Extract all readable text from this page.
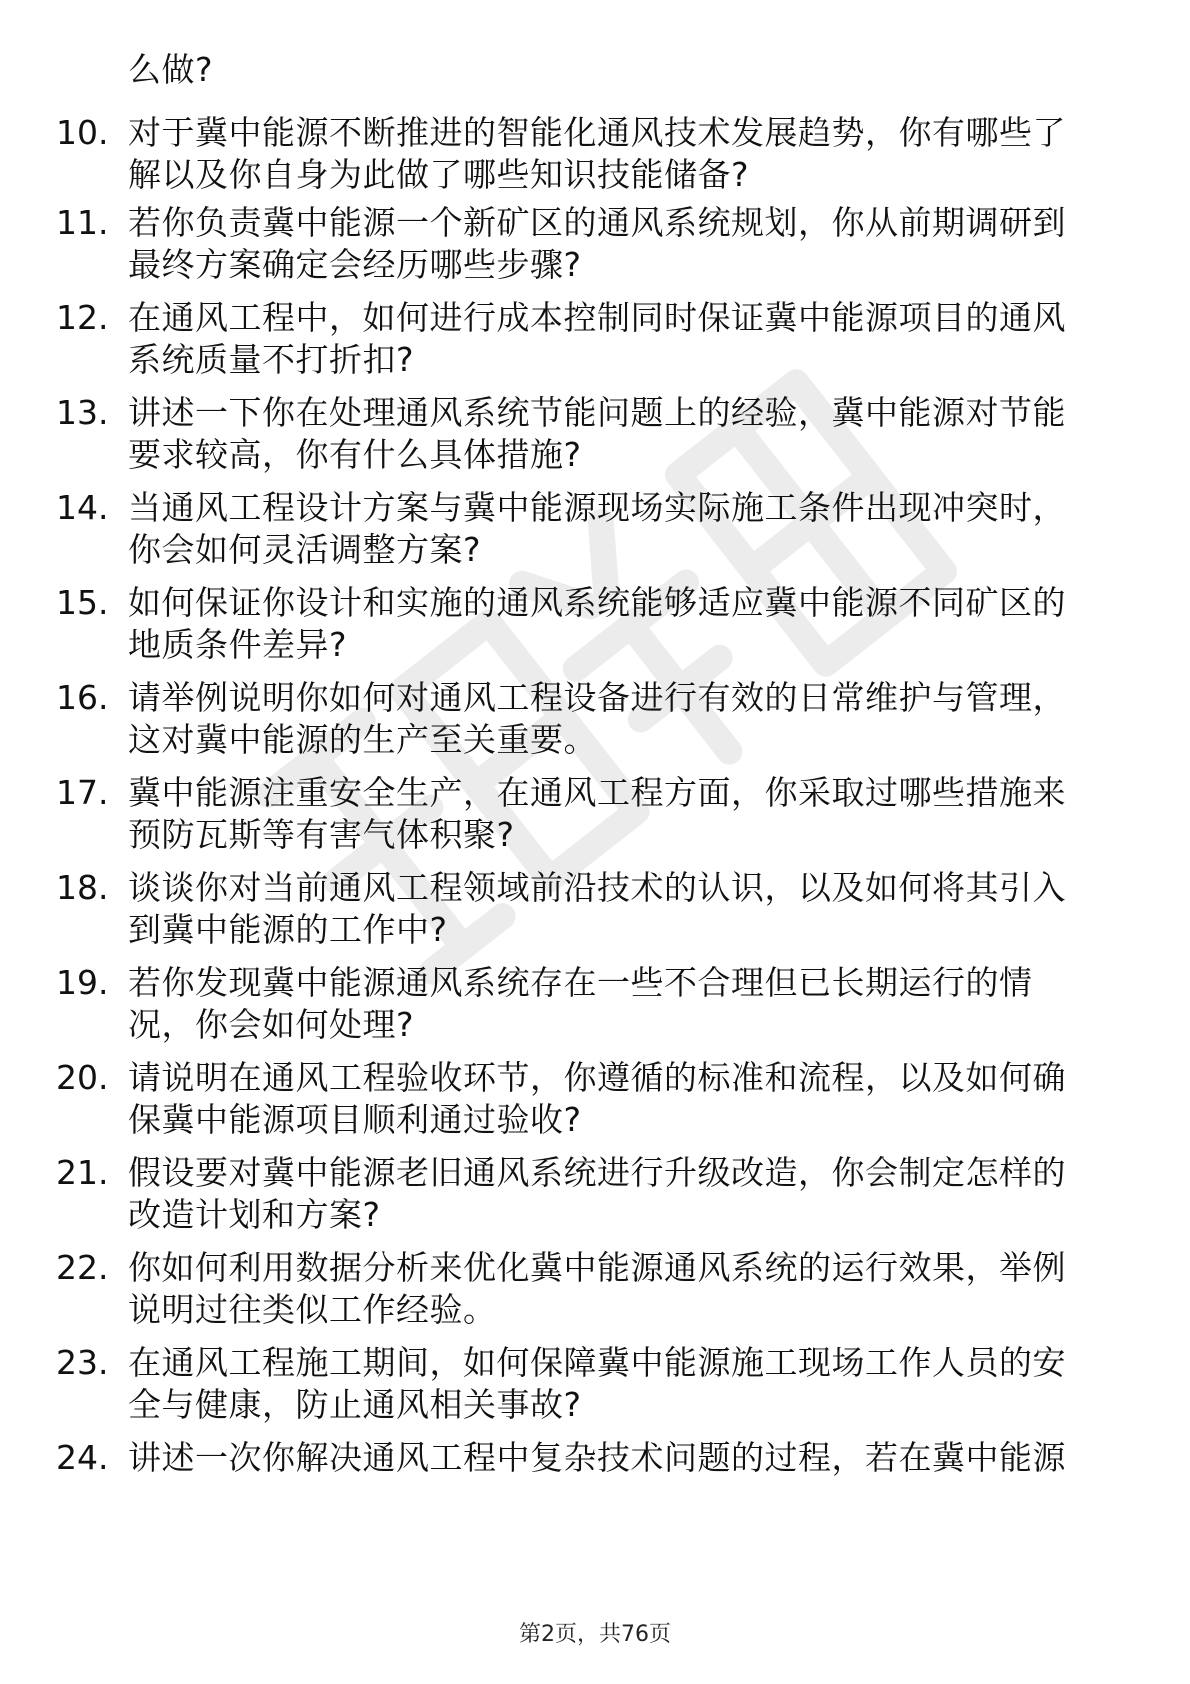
么做?
10. 对于冀中能源不断推进的智能化通风技术发展趋势，你有哪些了
解以及你自身为此做了哪些知识技能储备?
11. 若你负责冀中能源一个新矿区的通风系统规划，你从前期调研到
最终方案确定会经历哪些步骤?
12. 在通风工程中，如何进行成本控制同时保证冀中能源项目的通风
系统质量不打折扣?
13. 讲述一下你在处理通风系统节能问题上的经验，冀中能源对节能
要求较高，你有什么具体措施?
14. 当通风工程设计方案与冀中能源现场实际施工条件出现冲突时，
你会如何灵活调整方案?
15. 如何保证你设计和实施的通风系统能够适应冀中能源不同矿区的
地质条件差异?
16. 请举例说明你如何对通风工程设备进行有效的日常维护与管理，
这对冀中能源的生产至关重要。
17. 冀中能源注重安全生产，在通风工程方面，你采取过哪些措施来
预防瓦斯等有害气体积聚?
18. 谈谈你对当前通风工程领域前沿技术的认识，以及如何将其引入
到冀中能源的工作中?
19. 若你发现冀中能源通风系统存在一些不合理但已长期运行的情
况，你会如何处理?
20. 请说明在通风工程验收环节，你遵循的标准和流程，以及如何确
保冀中能源项目顺利通过验收?
21. 假设要对冀中能源老旧通风系统进行升级改造，你会制定怎样的
改造计划和方案?
22. 你如何利用数据分析来优化冀中能源通风系统的运行效果，举例
说明过往类似工作经验。
23. 在通风工程施工期间，如何保障冀中能源施工现场工作人员的安
全与健康，防止通风相关事故?
24. 讲述一次你解决通风工程中复杂技术问题的过程，若在冀中能源
第2页，共76页
